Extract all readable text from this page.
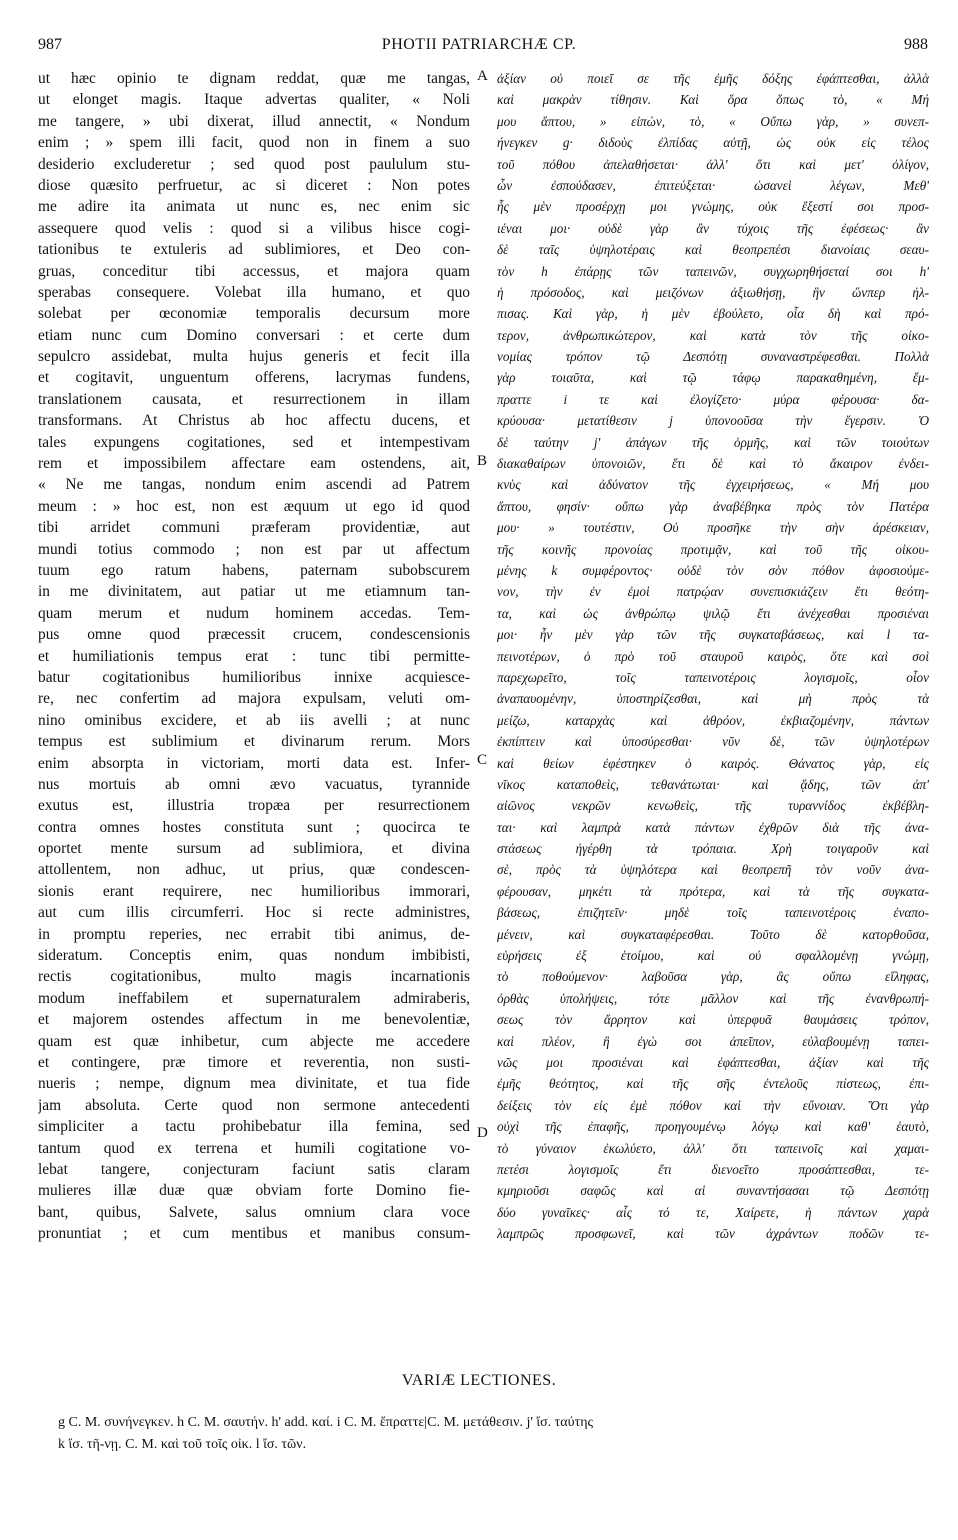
987	PHOTII PATRIARCHÆ CP.	988
ut hæc opinio te dignam reddat, quæ me tangas,
ut elonget magis. Itaque advertas qualiter, « Noli
me tangere, » ubi dixerat, illud annectit, « Nondum
enim ; » spem illi facit, quod non in finem a suo
desiderio excluderetur ; sed quod post paululum stu-
diose quæsito perfruetur, ac si diceret : Non potes
me adire ita animata ut nunc es, nec enim sic
assequere quod velis : quod si a vilibus hisce cogi-
tationibus te extuleris ad sublimiores, et Deo con-
gruas, conceditur tibi accessus, et majora quam
sperabas consequere. Volebat illa humano, et quo
solebat per œconomiæ temporalis decursum more
etiam nunc cum Domino conversari : et certe dum
sepulcro assidebat, multa hujus generis et fecit illa
et cogitavit, unguentum offerens, lacrymas fundens,
translationem causata, et resurrectionem in illam
transformans. At Christus ab hoc affectu ducens, et
tales expungens cogitationes, sed et intempestivam
rem et impossibilem affectare eam ostendens, ait,
« Ne me tangas, nondum enim ascendi ad Patrem
meum : » hoc est, non est æquum ut ego id quod
tibi arridet communi præferam providentiæ, aut
mundi totius commodo ; non est par ut affectum
tuum ego ratum habens, paternam subobscurem
in me divinitatem, aut patiar ut me etiamnum tan-
quam merum et nudum hominem accedas. Tem-
pus omne quod præcessit crucem, condescensionis
et humiliationis tempus erat : tunc tibi permitte-
batur cogitationibus humilioribus innixe acquiesce-
re, nec confertim ad majora expulsam, veluti om-
nino ominibus excidere, et ab iis avelli ; at nunc
tempus est sublimium et divinarum rerum. Mors
enim absorpta in victoriam, morti data est. Infer-
nus mortuis ab omni ævo vacuatus, tyrannide
exutus est, illustria tropæa per resurrectionem
contra omnes hostes constituta sunt ; quocirca te
oportet mente sursum ad sublimiora, et divina
attollentem, non adhuc, ut prius, quæ condescen-
sionis erant requirere, nec humilioribus immorari,
aut cum illis circumferri. Hoc si recte administres,
in promptu reperies, nec errabit tibi animus, de-
sideratum. Conceptis enim, quas nondum imbibisti,
rectis cogitationibus, multo magis incarnationis
modum ineffabilem et supernaturalem admiraberis,
et majorem ostendes affectum in me benevolentiæ,
quam est quæ inhibetur, cum abjecte me accedere
et contingere, præ timore et reverentia, non susti-
nueris ; nempe, dignum mea divinitate, et tua fide
jam absoluta. Certe quod non sermone antecedenti
simpliciter a tactu prohibebatur illa femina, sed
tantum quod ex terrena et humili cogitatione vo-
lebat tangere, conjecturam faciunt satis claram
mulieres illæ duæ quæ obviam forte Domino fie-
bant, quibus, Salvete, salus omnium clara voce
pronuntiat ; et cum mentibus et manibus consum-
ἀξίαν οὐ ποιεῖ σε τῆς ἐμῆς δόξης ἐφάπτεσθαι, ἀλλὰ
καὶ μακρὰν τίθησιν. Καὶ ὅρα ὅπως τὸ, « Μή
μου ἅπτου, » εἰπὼν, τὸ, « Οὔπω γὰρ, » συνεπ-
ήνεγκεν g· διδοὺς ἐλπίδας αὐτῇ, ὡς οὐκ εἰς τέλος
τοῦ πόθου ἀπελαθήσεται· ἀλλ' ὅτι καὶ μετ' ὀλίγον,
ὧν ἐσπούδασεν, ἐπιτεύξεται· ὡσανεὶ λέγων, Μεθ'
ἧς μὲν προσέρχῃ μοι γνώμης, οὐκ ἔξεστί σοι προσ-
ιέναι μοι· οὐδὲ γὰρ ἂν τύχοις τῆς ἐφέσεως· ἂν
δὲ ταῖς ὑψηλοτέραις καὶ θεοπρεπέσι διανοίαις σεαυ-
τὸν h ἐπάρῃς τῶν ταπεινῶν, συγχωρηθήσεταί σοι h'
ἡ πρόσοδος, καὶ μειζόνων ἀξιωθήσῃ, ἣν ὥνπερ ἠλ-
πισας. Καὶ γὰρ, ἡ μὲν ἐβούλετο, οἷα δὴ καὶ πρό-
τερον, ἀνθρωπικώτερον, καὶ κατὰ τὸν τῆς οἰκο-
νομίας τρόπον τῷ Δεσπότῃ συναναστρέφεσθαι. Πολλὰ
γὰρ τοιαῦτα, καὶ τῷ τάφῳ παρακαθημένη, ἔμ-
πραττε i τε καὶ ἐλογίζετο· μύρα φέρουσα· δα-
κρύουσα· μετατίθεσιν j ὑπονοοῦσα τὴν ἔγερσιν. Ὁ
δὲ ταύτην j' ἀπάγων τῆς ὁρμῆς, καὶ τῶν τοιούτων
διακαθαίρων ὑπονοιῶν, ἔτι δὲ καὶ τὸ ἄκαιρον ἐνδει-
κνὺς καὶ ἀδύνατον τῆς ἐγχειρήσεως, « Μή μου
ἅπτου, φησίν· οὔπω γὰρ ἀναβέβηκα πρὸς τὸν Πατέρα
μου· » τουτέστιν, Οὐ προσῆκε τὴν σὴν ἀρέσκειαν,
τῆς κοινῆς προνοίας προτιμᾷν, καὶ τοῦ τῆς οἰκου-
μένης k συμφέροντος· οὐδὲ τὸν σὸν πόθον ἀφοσιούμε-
νον, τὴν ἐν ἐμοὶ πατρῴαν συνεπισκιάζειν ἔτι θεότη-
τα, καὶ ὡς ἀνθρώπῳ ψιλῷ ἔτι ἀνέχεσθαι προσιέναι
μοι· ἦν μὲν γὰρ τῶν τῆς συγκαταβάσεως, καὶ l τα-
πεινοτέρων, ὁ πρὸ τοῦ σταυροῦ καιρὸς, ὅτε καὶ σοὶ
παρεχωρεῖτο, τοῖς ταπεινοτέροις λογισμοῖς, οἷον
ἀναπαυομένην, ὑποστηρίζεσθαι, καὶ μὴ πρὸς τὰ
μείζω, καταρχὰς καὶ ἀθρόον, ἐκβιαζομένην, πάντων
ἐκπίπτειν καὶ ὑποσύρεσθαι· νῦν δὲ, τῶν ὑψηλοτέρων
καὶ θείων ἐφέστηκεν ὁ καιρός. Θάνατος γὰρ, εἰς
νῖκος καταποθεὶς, τεθανάτωται· καὶ ᾅδης, τῶν ἀπ'
αἰῶνος νεκρῶν κενωθεὶς, τῆς τυραννίδος ἐκβέβλη-
ται· καὶ λαμπρὰ κατὰ πάντων ἐχθρῶν διὰ τῆς ἀνα-
στάσεως ἠγέρθη τὰ τρόπαια. Χρὴ τοιγαροῦν καὶ
σὲ, πρὸς τὰ ὑψηλότερα καὶ θεοπρεπῆ τὸν νοῦν ἀνα-
φέρουσαν, μηκέτι τὰ πρότερα, καὶ τὰ τῆς συγκατα-
βάσεως, ἐπιζητεῖν· μηδὲ τοῖς ταπεινοτέροις ἐναπο-
μένειν, καὶ συγκαταφέρεσθαι. Τοῦτο δὲ κατορθοῦσα,
εὑρήσεις ἐξ ἑτοίμου, καὶ οὐ σφαλλομένῃ γνώμῃ,
τὸ ποθούμενον· λαβοῦσα γὰρ, ἃς οὔπω εἴληφας,
ὀρθὰς ὑπολήψεις, τότε μᾶλλον καὶ τῆς ἐνανθρωπή-
σεως τὸν ἄρρητον καὶ ὑπερφυᾶ θαυμάσεις τρόπον,
καὶ πλέον, ἢ ἐγὼ σοι ἀπεῖπον, εὐλαβουμένῃ ταπει-
νῶς μοι προσιέναι καὶ ἐφάπτεσθαι, ἀξίαν καὶ τῆς
ἐμῆς θεότητος, καὶ τῆς σῆς ἐντελοῦς πίστεως, ἐπι-
δείξεις τὸν εἰς ἐμὲ πόθον καὶ τὴν εὔνοιαν. Ὅτι γὰρ
οὐχὶ τῆς ἐπαφῆς, προηγουμένῳ λόγῳ καὶ καθ' ἑαυτὸ,
τὸ γύναιον ἐκωλύετο, ἀλλ' ὅτι ταπεινοῖς καὶ χαμαι-
πετέσι λογισμοῖς ἔτι διενοεῖτο προσάπτεσθαι, τε-
κμηριοῦσι σαφῶς καὶ αἱ συναντήσασαι τῷ Δεσπότῃ
δύο γυναῖκες· αἷς τό τε, Χαίρετε, ἡ πάντων χαρὰ
λαμπρῶς προσφωνεῖ, καὶ τῶν ἀχράντων ποδῶν τε-
A
B
C
D
VARIÆ LECTIONES.
g C. M. συνήνεγκεν. h C. M. σαυτήν. h' add. καί. i C. M. ἔπραττε|C. M. μετάθεσιν. j' ἴσ. ταύτης
k ἴσ. τῆ-νῃ. C. M. καὶ τοῦ τοῖς οἰκ. l ἴσ. τῶν.
